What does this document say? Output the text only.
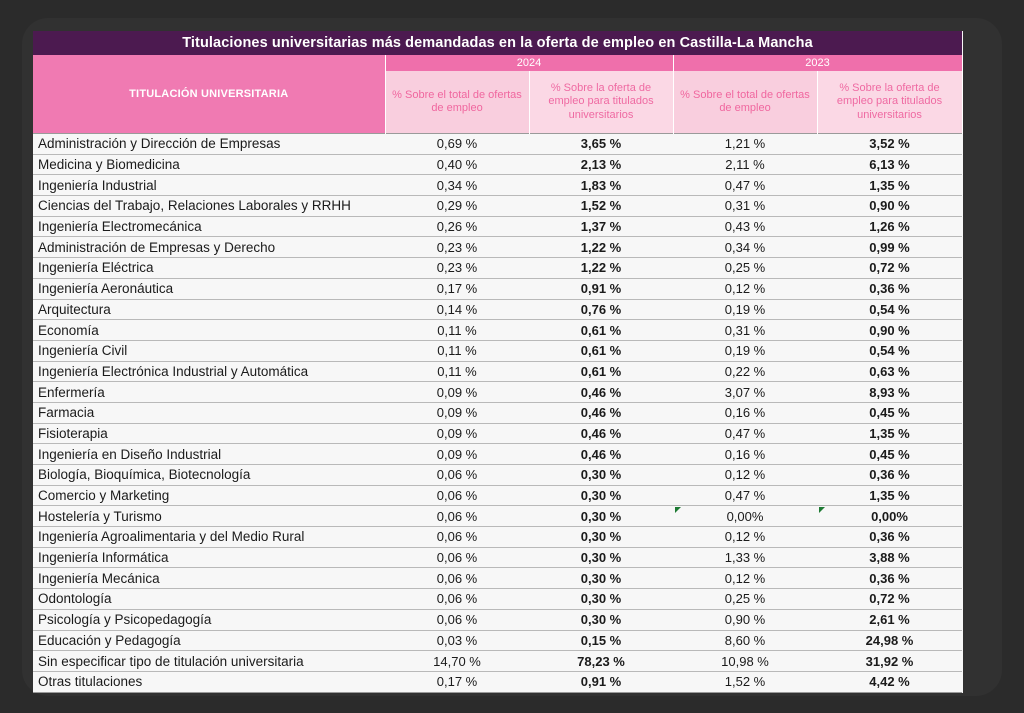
Titulaciones universitarias más demandadas en la oferta de empleo en Castilla-La Mancha				
TITULACIÓN UNIVERSITARIA	2024		2023	
	% Sobre el total de ofertas de empleo	% Sobre la oferta de empleo para titulados universitarios	% Sobre el total de ofertas de empleo	% Sobre la oferta de empleo para titulados universitarios
Administración y Dirección de Empresas	0,69 %	3,65 %	1,21 %	3,52 %
Medicina y Biomedicina	0,40 %	2,13 %	2,11 %	6,13 %
Ingeniería Industrial	0,34 %	1,83 %	0,47 %	1,35 %
Ciencias del Trabajo, Relaciones Laborales y RRHH	0,29 %	1,52 %	0,31 %	0,90 %
Ingeniería Electromecánica	0,26 %	1,37 %	0,43 %	1,26 %
Administración de Empresas y Derecho	0,23 %	1,22 %	0,34 %	0,99 %
Ingeniería Eléctrica	0,23 %	1,22 %	0,25 %	0,72 %
Ingeniería Aeronáutica	0,17 %	0,91 %	0,12 %	0,36 %
Arquitectura	0,14 %	0,76 %	0,19 %	0,54 %
Economía	0,11 %	0,61 %	0,31 %	0,90 %
Ingeniería Civil	0,11 %	0,61 %	0,19 %	0,54 %
Ingeniería Electrónica Industrial y Automática	0,11 %	0,61 %	0,22 %	0,63 %
Enfermería	0,09 %	0,46 %	3,07 %	8,93 %
Farmacia	0,09 %	0,46 %	0,16 %	0,45 %
Fisioterapia	0,09 %	0,46 %	0,47 %	1,35 %
Ingeniería en Diseño Industrial	0,09 %	0,46 %	0,16 %	0,45 %
Biología, Bioquímica, Biotecnología	0,06 %	0,30 %	0,12 %	0,36 %
Comercio y Marketing	0,06 %	0,30 %	0,47 %	1,35 %
Hostelería y Turismo	0,06 %	0,30 %	0,00%	0,00%
Ingeniería Agroalimentaria y del Medio Rural	0,06 %	0,30 %	0,12 %	0,36 %
Ingeniería Informática	0,06 %	0,30 %	1,33 %	3,88 %
Ingeniería Mecánica	0,06 %	0,30 %	0,12 %	0,36 %
Odontología	0,06 %	0,30 %	0,25 %	0,72 %
Psicología y Psicopedagogía	0,06 %	0,30 %	0,90 %	2,61 %
Educación y Pedagogía	0,03 %	0,15 %	8,60 %	24,98 %
Sin especificar tipo de titulación universitaria	14,70 %	78,23 %	10,98 %	31,92 %
Otras titulaciones	0,17 %	0,91 %	1,52 %	4,42 %
